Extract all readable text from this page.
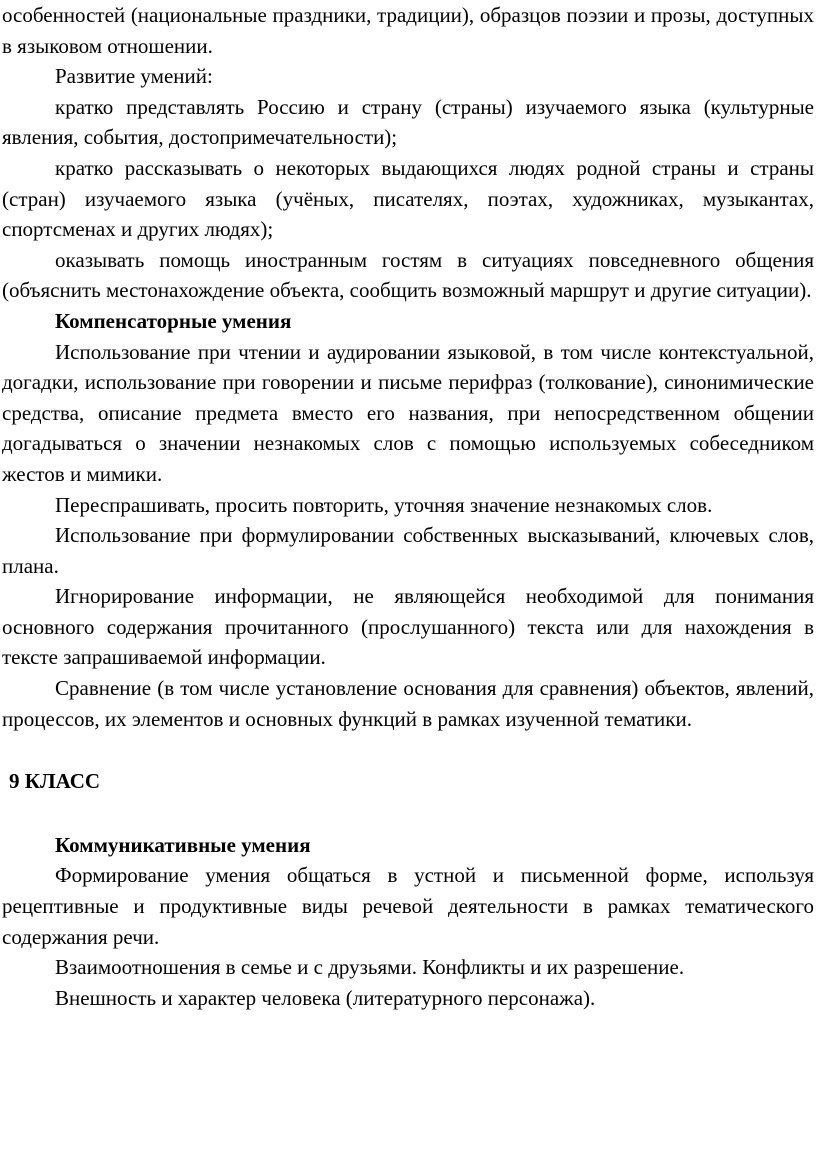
особенностей (национальные праздники, традиции), образцов поэзии и прозы, доступных в языковом отношении.

Развитие умений:

кратко представлять Россию и страну (страны) изучаемого языка (культурные явления, события, достопримечательности);

кратко рассказывать о некоторых выдающихся людях родной страны и страны (стран) изучаемого языка (учёных, писателях, поэтах, художниках, музыкантах, спортсменах и других людях);

оказывать помощь иностранным гостям в ситуациях повседневного общения (объяснить местонахождение объекта, сообщить возможный маршрут и другие ситуации).

Компенсаторные умения

Использование при чтении и аудировании языковой, в том числе контекстуальной, догадки, использование при говорении и письме перифраз (толкование), синонимические средства, описание предмета вместо его названия, при непосредственном общении догадываться о значении незнакомых слов с помощью используемых собеседником жестов и мимики.

Переспрашивать, просить повторить, уточняя значение незнакомых слов.

Использование при формулировании собственных высказываний, ключевых слов, плана.

Игнорирование информации, не являющейся необходимой для понимания основного содержания прочитанного (прослушанного) текста или для нахождения в тексте запрашиваемой информации.

Сравнение (в том числе установление основания для сравнения) объектов, явлений, процессов, их элементов и основных функций в рамках изученной тематики.

9 КЛАСС

Коммуникативные умения

Формирование умения общаться в устной и письменной форме, используя рецептивные и продуктивные виды речевой деятельности в рамках тематического содержания речи.

Взаимоотношения в семье и с друзьями. Конфликты и их разрешение.

Внешность и характер человека (литературного персонажа).
